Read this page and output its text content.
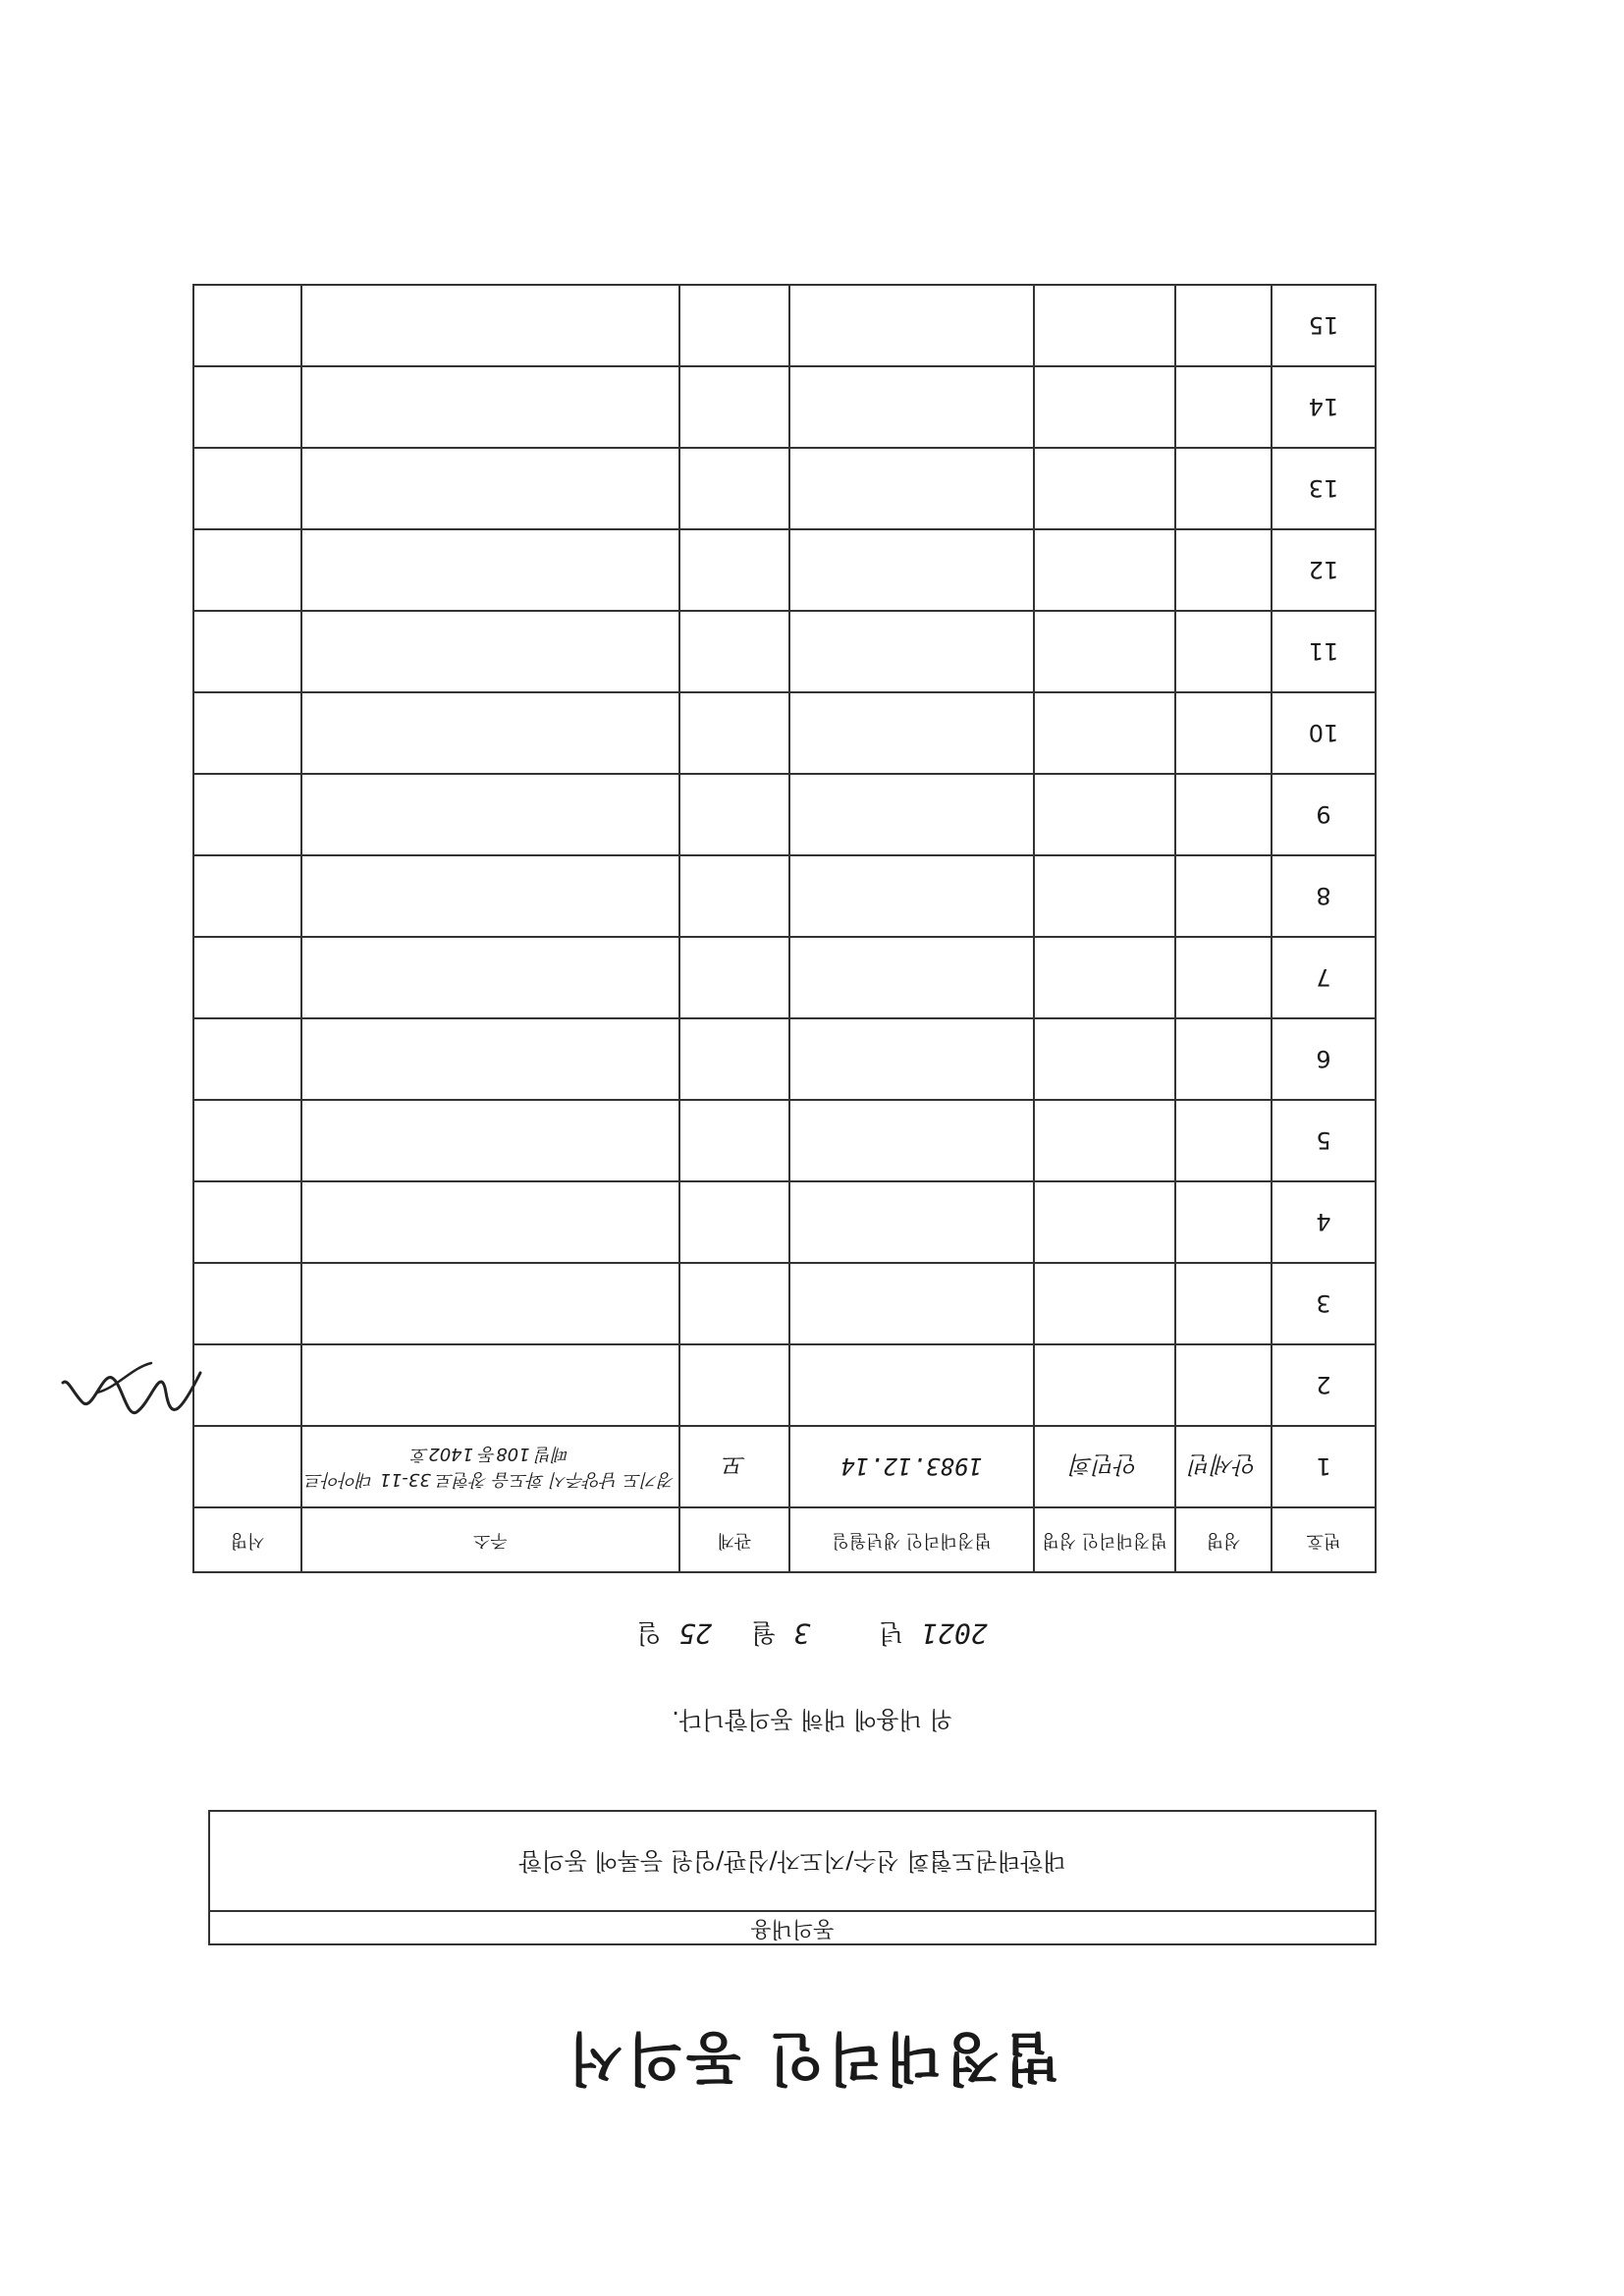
법정대리인 동의서
동의내용
대한태권도협회 선수/지도자/심판/임원 등록에 동의함
위 내용에 대해 동의합니다.
2021년3월25일
번호	성명	법정대리인 성명	법정대리인 생년월일	관계	주소	서명
1	안세빈	안민희	1983.12.14	모	경기도 남양주시 화도읍 창현로 33-11 대아아르떼빌 108동 1402호	
2						
3						
4						
5						
6						
7						
8						
9						
10						
11						
12						
13						
14						
15						
